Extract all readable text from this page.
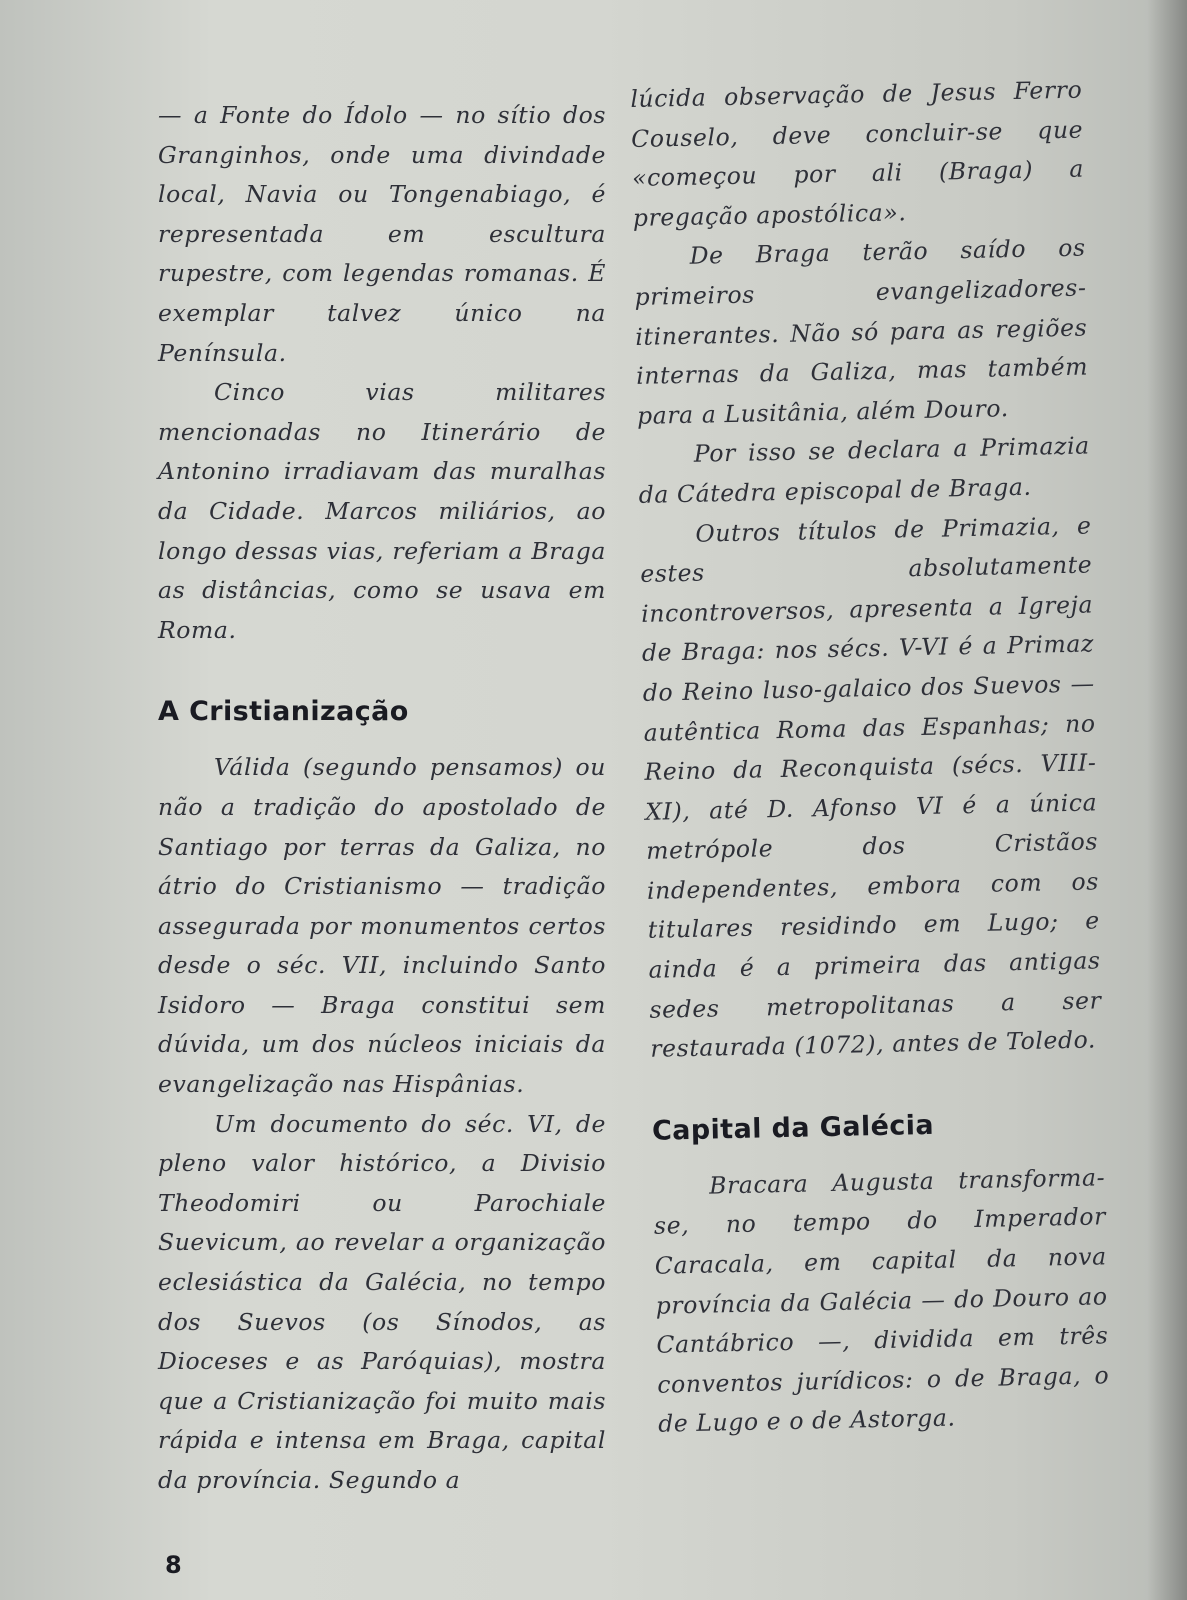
— a Fonte do Ídolo — no sítio dos Granginhos, onde uma divindade local, Navia ou Tongenabiago, é representada em escultura rupestre, com legendas romanas. É exemplar talvez único na Península.

Cinco vias militares mencionadas no Itinerário de Antonino irradiavam das muralhas da Cidade. Marcos miliários, ao longo dessas vias, referiam a Braga as distâncias, como se usava em Roma.

A Cristianização

Válida (segundo pensamos) ou não a tradição do apostolado de Santiago por terras da Galiza, no átrio do Cristianismo — tradição assegurada por monumentos certos desde o séc. VII, incluindo Santo Isidoro — Braga constitui sem dúvida, um dos núcleos iniciais da evangelização nas Hispânias.

Um documento do séc. VI, de pleno valor histórico, a Divisio Theodomiri ou Parochiale Suevicum, ao revelar a organização eclesiástica da Galécia, no tempo dos Suevos (os Sínodos, as Dioceses e as Paróquias), mostra que a Cristianização foi muito mais rápida e intensa em Braga, capital da província. Segundo a

lúcida observação de Jesus Ferro Couselo, deve concluir-se que «começou por ali (Braga) a pregação apostólica».

De Braga terão saído os primeiros evangelizadores-itinerantes. Não só para as regiões internas da Galiza, mas também para a Lusitânia, além Douro.

Por isso se declara a Primazia da Cátedra episcopal de Braga.

Outros títulos de Primazia, e estes absolutamente incontroversos, apresenta a Igreja de Braga: nos sécs. V-VI é a Primaz do Reino luso-galaico dos Suevos — autêntica Roma das Espanhas; no Reino da Reconquista (sécs. VIII-XI), até D. Afonso VI é a única metrópole dos Cristãos independentes, embora com os titulares residindo em Lugo; e ainda é a primeira das antigas sedes metropolitanas a ser restaurada (1072), antes de Toledo.

Capital da Galécia

Bracara Augusta transforma-se, no tempo do Imperador Caracala, em capital da nova província da Galécia — do Douro ao Cantábrico —, dividida em três conventos jurídicos: o de Braga, o de Lugo e o de Astorga.

8
